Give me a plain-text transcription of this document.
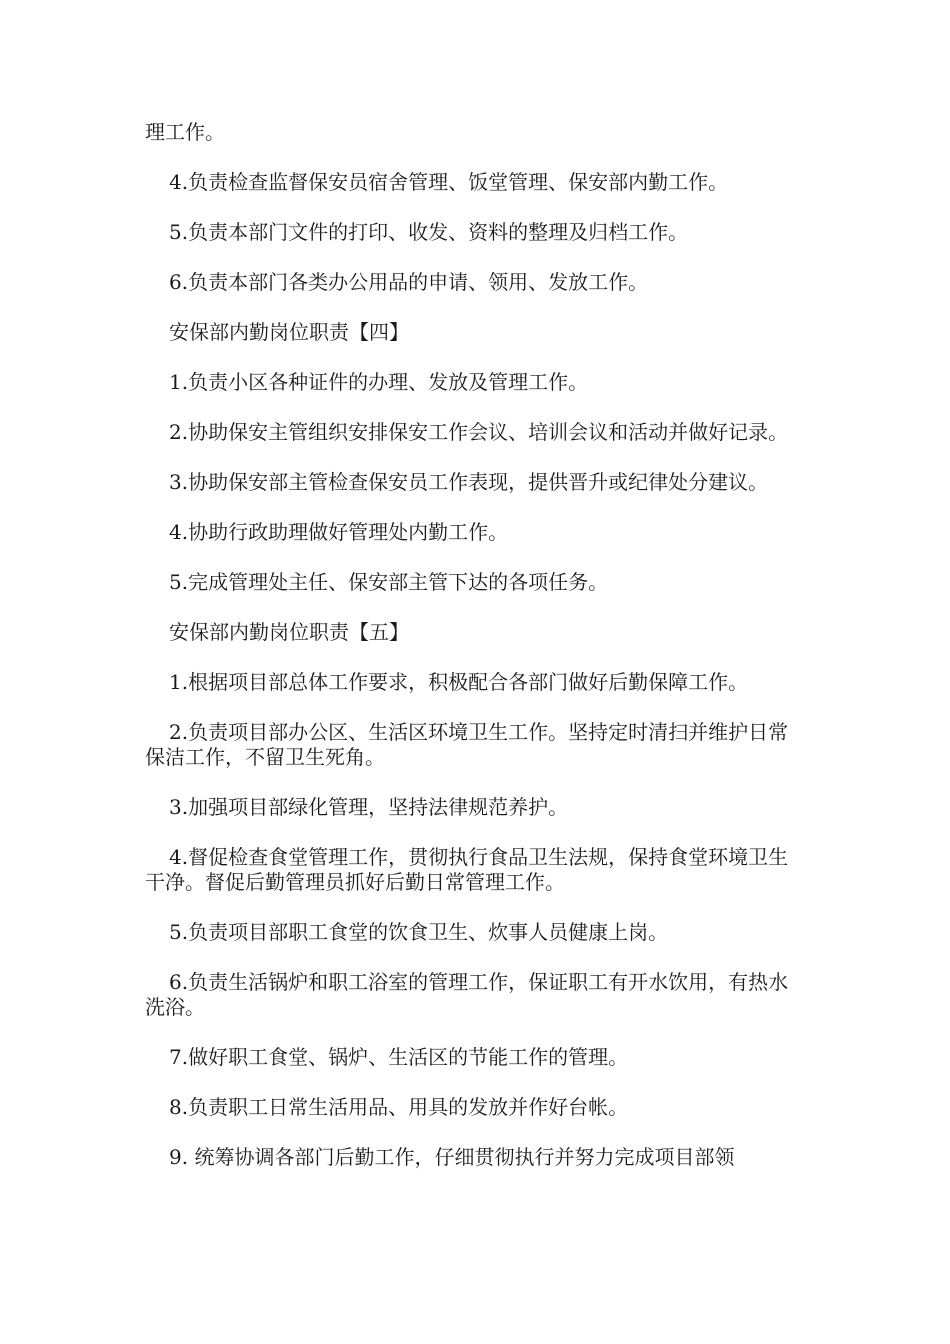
理工作。

4.负责检查监督保安员宿舍管理、饭堂管理、保安部内勤工作。

5.负责本部门文件的打印、收发、资料的整理及归档工作。

6.负责本部门各类办公用品的申请、领用、发放工作。

安保部内勤岗位职责【四】

1.负责小区各种证件的办理、发放及管理工作。

2.协助保安主管组织安排保安工作会议、培训会议和活动并做好记录。

3.协助保安部主管检查保安员工作表现，提供晋升或纪律处分建议。

4.协助行政助理做好管理处内勤工作。

5.完成管理处主任、保安部主管下达的各项任务。

安保部内勤岗位职责【五】

1.根据项目部总体工作要求，积极配合各部门做好后勤保障工作。

2.负责项目部办公区、生活区环境卫生工作。坚持定时清扫并维护日常保洁工作，不留卫生死角。

3.加强项目部绿化管理，坚持法律规范养护。

4.督促检查食堂管理工作，贯彻执行食品卫生法规，保持食堂环境卫生干净。督促后勤管理员抓好后勤日常管理工作。

5.负责项目部职工食堂的饮食卫生、炊事人员健康上岗。

6.负责生活锅炉和职工浴室的管理工作，保证职工有开水饮用，有热水洗浴。

7.做好职工食堂、锅炉、生活区的节能工作的管理。

8.负责职工日常生活用品、用具的发放并作好台帐。

9. 统筹协调各部门后勤工作，仔细贯彻执行并努力完成项目部领
